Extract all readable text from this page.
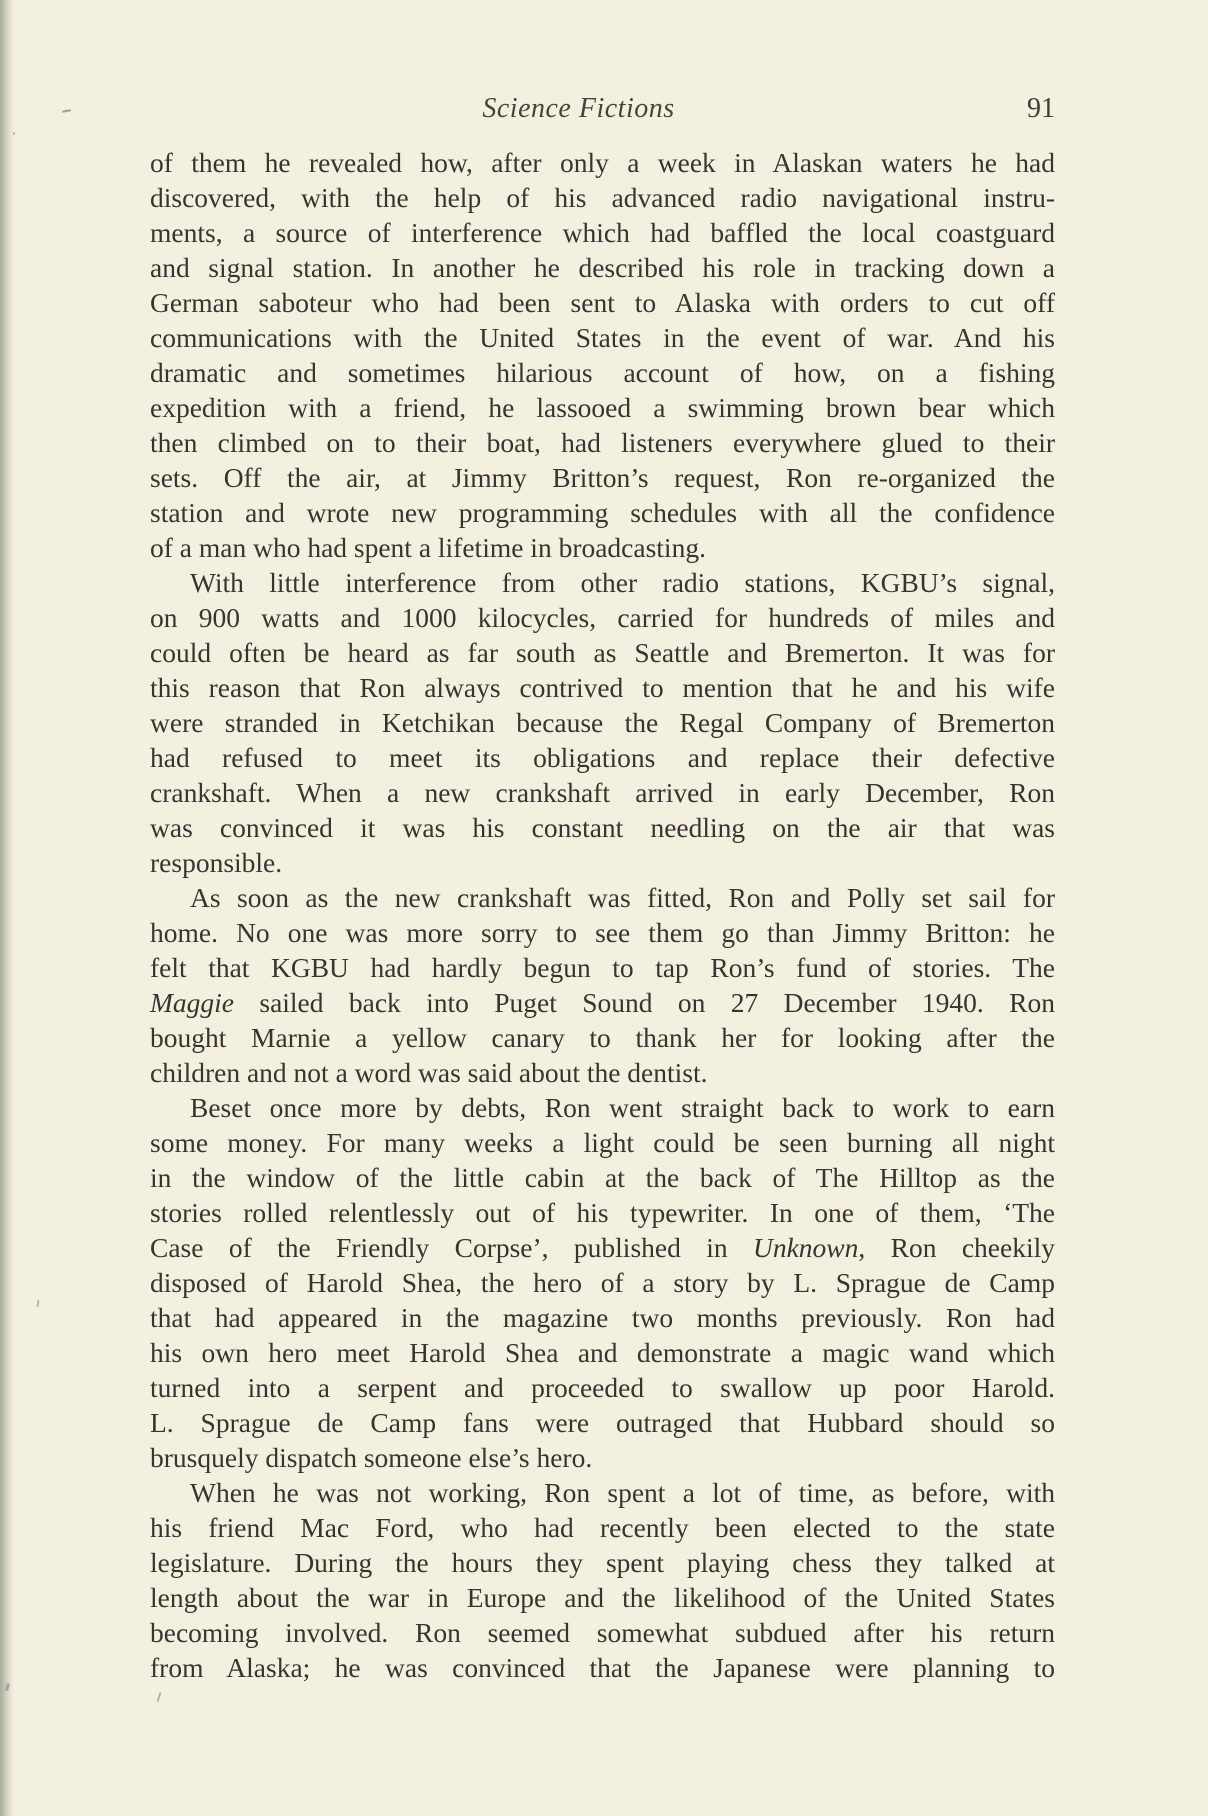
Science Fictions	91
of them he revealed how, after only a week in Alaskan waters he had
discovered, with the help of his advanced radio navigational instru-
ments, a source of interference which had baffled the local coastguard
and signal station. In another he described his role in tracking down a
German saboteur who had been sent to Alaska with orders to cut off
communications with the United States in the event of war. And his
dramatic and sometimes hilarious account of how, on a fishing
expedition with a friend, he lassooed a swimming brown bear which
then climbed on to their boat, had listeners everywhere glued to their
sets. Off the air, at Jimmy Britton’s request, Ron re-organized the
station and wrote new programming schedules with all the confidence
of a man who had spent a lifetime in broadcasting.
With little interference from other radio stations, KGBU’s signal,
on 900 watts and 1000 kilocycles, carried for hundreds of miles and
could often be heard as far south as Seattle and Bremerton. It was for
this reason that Ron always contrived to mention that he and his wife
were stranded in Ketchikan because the Regal Company of Bremerton
had refused to meet its obligations and replace their defective
crankshaft. When a new crankshaft arrived in early December, Ron
was convinced it was his constant needling on the air that was
responsible.
As soon as the new crankshaft was fitted, Ron and Polly set sail for
home. No one was more sorry to see them go than Jimmy Britton: he
felt that KGBU had hardly begun to tap Ron’s fund of stories. The
Maggie sailed back into Puget Sound on 27 December 1940. Ron
bought Marnie a yellow canary to thank her for looking after the
children and not a word was said about the dentist.
Beset once more by debts, Ron went straight back to work to earn
some money. For many weeks a light could be seen burning all night
in the window of the little cabin at the back of The Hilltop as the
stories rolled relentlessly out of his typewriter. In one of them, ‘The
Case of the Friendly Corpse’, published in Unknown, Ron cheekily
disposed of Harold Shea, the hero of a story by L. Sprague de Camp
that had appeared in the magazine two months previously. Ron had
his own hero meet Harold Shea and demonstrate a magic wand which
turned into a serpent and proceeded to swallow up poor Harold.
L. Sprague de Camp fans were outraged that Hubbard should so
brusquely dispatch someone else’s hero.
When he was not working, Ron spent a lot of time, as before, with
his friend Mac Ford, who had recently been elected to the state
legislature. During the hours they spent playing chess they talked at
length about the war in Europe and the likelihood of the United States
becoming involved. Ron seemed somewhat subdued after his return
from Alaska; he was convinced that the Japanese were planning to
